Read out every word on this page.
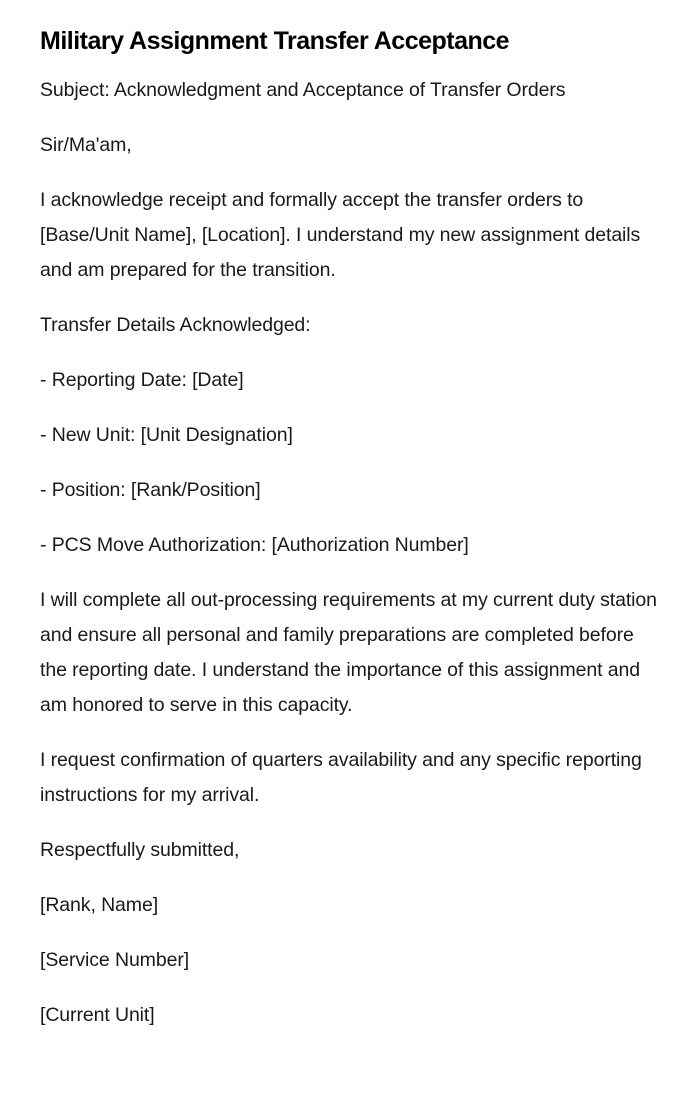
Military Assignment Transfer Acceptance

Subject: Acknowledgment and Acceptance of Transfer Orders

Sir/Ma'am,

I acknowledge receipt and formally accept the transfer orders to [Base/Unit Name], [Location]. I understand my new assignment details and am prepared for the transition.

Transfer Details Acknowledged:

- Reporting Date: [Date]

- New Unit: [Unit Designation]

- Position: [Rank/Position]

- PCS Move Authorization: [Authorization Number]

I will complete all out-processing requirements at my current duty station and ensure all personal and family preparations are completed before the reporting date. I understand the importance of this assignment and am honored to serve in this capacity.

I request confirmation of quarters availability and any specific reporting instructions for my arrival.

Respectfully submitted,

[Rank, Name]

[Service Number]

[Current Unit]
